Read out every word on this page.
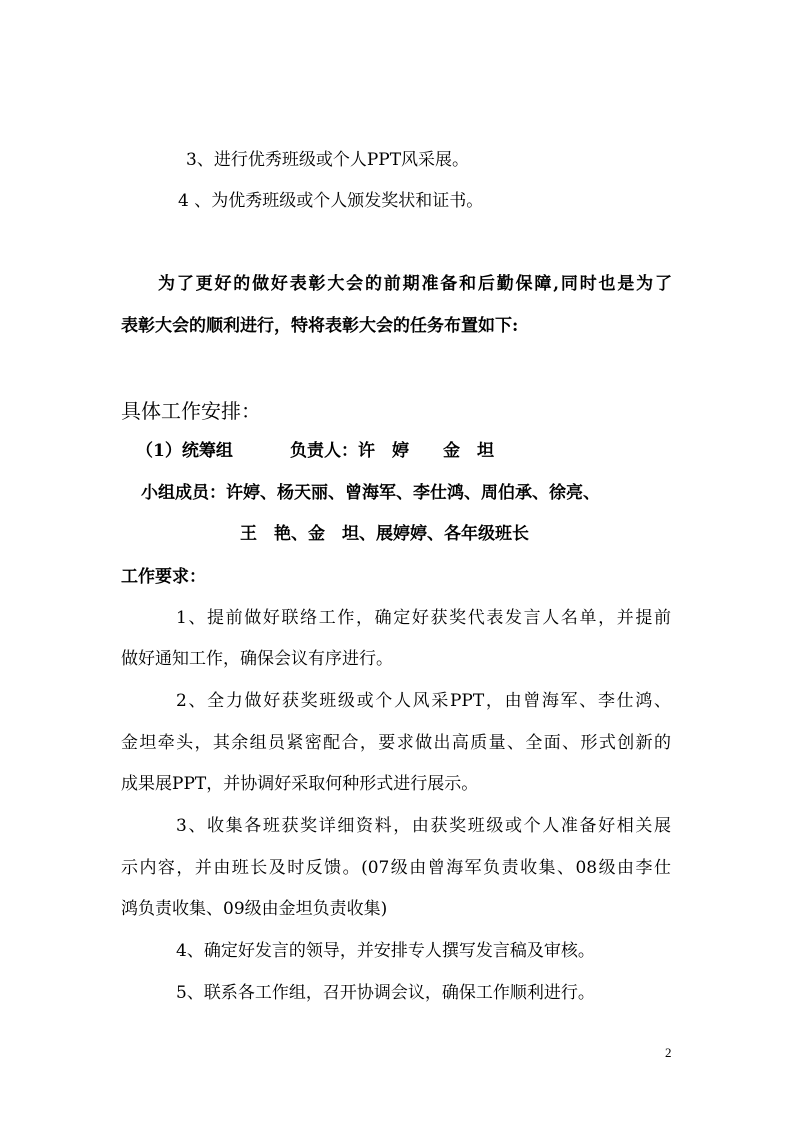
3、进行优秀班级或个人PPT风采展。
4 、为优秀班级或个人颁发奖状和证书。
为了更好的做好表彰大会的前期准备和后勤保障,同时也是为了
表彰大会的顺利进行，特将表彰大会的任务布置如下:
具体工作安排：
（1）统筹组	负责人：许　婷　　金　坦
小组成员：许婷、杨天丽、曾海军、李仕鸿、周伯承、徐亮、
王　艳、金　坦、展婷婷、各年级班长
工作要求：
1、提前做好联络工作，确定好获奖代表发言人名单，并提前
做好通知工作，确保会议有序进行。
2、全力做好获奖班级或个人风采PPT，由曾海军、李仕鸿、
金坦牵头，其余组员紧密配合，要求做出高质量、全面、形式创新的
成果展PPT，并协调好采取何种形式进行展示。
3、收集各班获奖详细资料，由获奖班级或个人准备好相关展
示内容，并由班长及时反馈。(07级由曾海军负责收集、08级由李仕
鸿负责收集、09级由金坦负责收集)
4、确定好发言的领导，并安排专人撰写发言稿及审核。
5、联系各工作组，召开协调会议，确保工作顺利进行。
2
